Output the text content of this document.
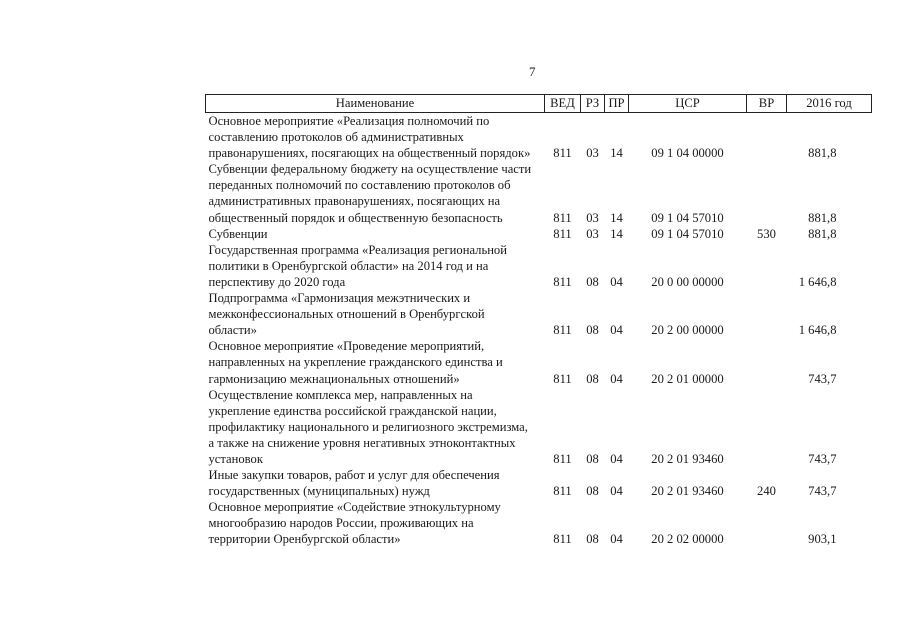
7
Наименование	ВЕД	РЗ	ПР	ЦСР	ВР	2016 год

Основное мероприятие «Реализация полномочий по
составлению протоколов об административных
правонарушениях, посягающих на общественный порядок»	811	03	14	09 1 04 00000		881,8

Субвенции федеральному бюджету на осуществление части
переданных полномочий по составлению протоколов об
административных правонарушениях, посягающих на
общественный порядок и общественную безопасность	811	03	14	09 1 04 57010		881,8

Субвенции	811	03	14	09 1 04 57010	530	881,8

Государственная программа «Реализация региональной
политики в Оренбургской области» на 2014 год и на
перспективу до 2020 года	811	08	04	20 0 00 00000		1 646,8

Подпрограмма «Гармонизация межэтнических и
межконфессиональных отношений в Оренбургской
области»	811	08	04	20 2 00 00000		1 646,8

Основное мероприятие «Проведение мероприятий,
направленных на укрепление гражданского единства и
гармонизацию межнациональных отношений»	811	08	04	20 2 01 00000		743,7

Осуществление комплекса мер, направленных на
укрепление единства российской гражданской нации,
профилактику национального и религиозного экстремизма,
а также на снижение уровня негативных этноконтактных
установок	811	08	04	20 2 01 93460		743,7

Иные закупки товаров, работ и услуг для обеспечения
государственных (муниципальных) нужд	811	08	04	20 2 01 93460	240	743,7

Основное мероприятие «Содействие этнокультурному
многообразию народов России, проживающих на
территории Оренбургской области»	811	08	04	20 2 02 00000		903,1
